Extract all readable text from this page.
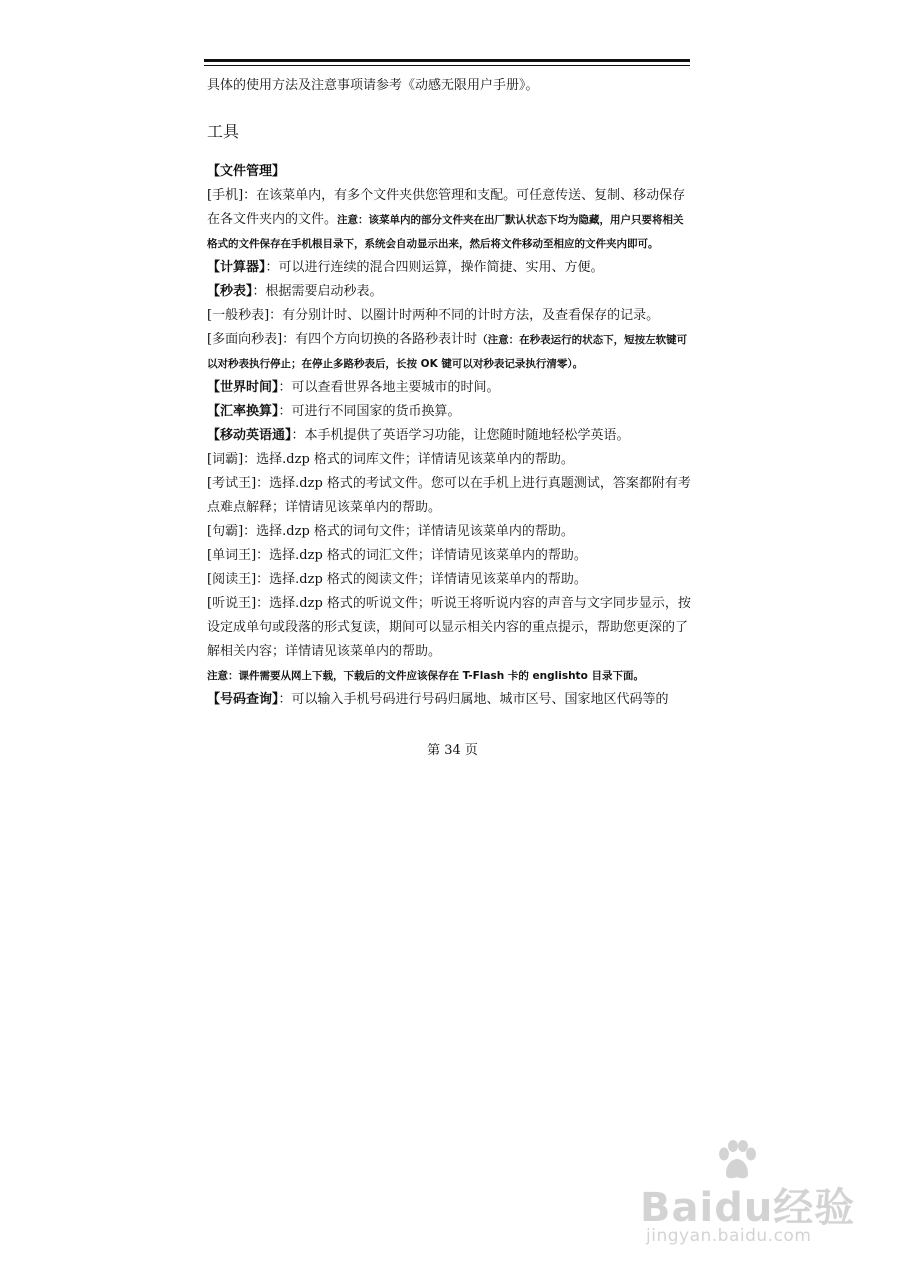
具体的使用方法及注意事项请参考《动感无限用户手册》。

工具

【文件管理】

[手机]：在该菜单内，有多个文件夹供您管理和支配。可任意传送、复制、移动保存在各文件夹内的文件。注意：该菜单内的部分文件夹在出厂默认状态下均为隐藏，用户只要将相关格式的文件保存在手机根目录下，系统会自动显示出来，然后将文件移动至相应的文件夹内即可。

【计算器】：可以进行连续的混合四则运算，操作简捷、实用、方便。

【秒表】：根据需要启动秒表。

[一般秒表]：有分别计时、以圈计时两种不同的计时方法，及查看保存的记录。

[多面向秒表]：有四个方向切换的各路秒表计时（注意：在秒表运行的状态下，短按左软键可以对秒表执行停止；在停止多路秒表后，长按 OK 键可以对秒表记录执行清零）。

【世界时间】：可以查看世界各地主要城市的时间。

【汇率换算】：可进行不同国家的货币换算。

【移动英语通】：本手机提供了英语学习功能，让您随时随地轻松学英语。

[词霸]：选择.dzp 格式的词库文件；详情请见该菜单内的帮助。

[考试王]：选择.dzp 格式的考试文件。您可以在手机上进行真题测试，答案都附有考点难点解释；详情请见该菜单内的帮助。

[句霸]：选择.dzp 格式的词句文件；详情请见该菜单内的帮助。

[单词王]：选择.dzp 格式的词汇文件；详情请见该菜单内的帮助。

[阅读王]：选择.dzp 格式的阅读文件；详情请见该菜单内的帮助。

[听说王]：选择.dzp 格式的听说文件；听说王将听说内容的声音与文字同步显示，按设定成单句或段落的形式复读，期间可以显示相关内容的重点提示，帮助您更深的了解相关内容；详情请见该菜单内的帮助。

注意：课件需要从网上下载，下载后的文件应该保存在 T-Flash 卡的 englishto 目录下面。

【号码查询】：可以输入手机号码进行号码归属地、城市区号、国家地区代码等的

第 34 页
Baidu经验
jingyan.baidu.com
